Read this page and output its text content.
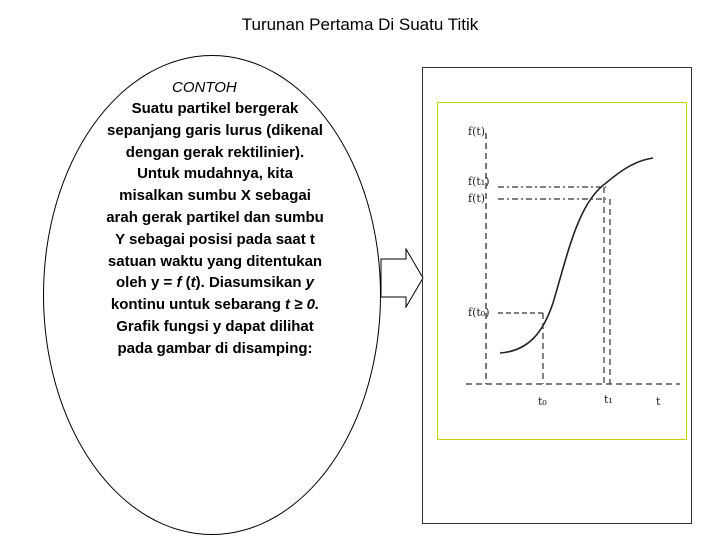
Turunan Pertama Di Suatu Titik
CONTOH
Suatu partikel bergerak sepanjang garis lurus (dikenal dengan gerak rektilinier). Untuk mudahnya, kita misalkan sumbu X sebagai arah gerak partikel dan sumbu Y sebagai posisi pada saat t satuan waktu yang ditentukan oleh y = f (t). Diasumsikan y kontinu untuk sebarang t ≥ 0. Grafik fungsi y dapat dilihat pada gambar di disamping:
f(t)
f(t₁)
f(t)
f(t₀)
t₀	t₁	t
